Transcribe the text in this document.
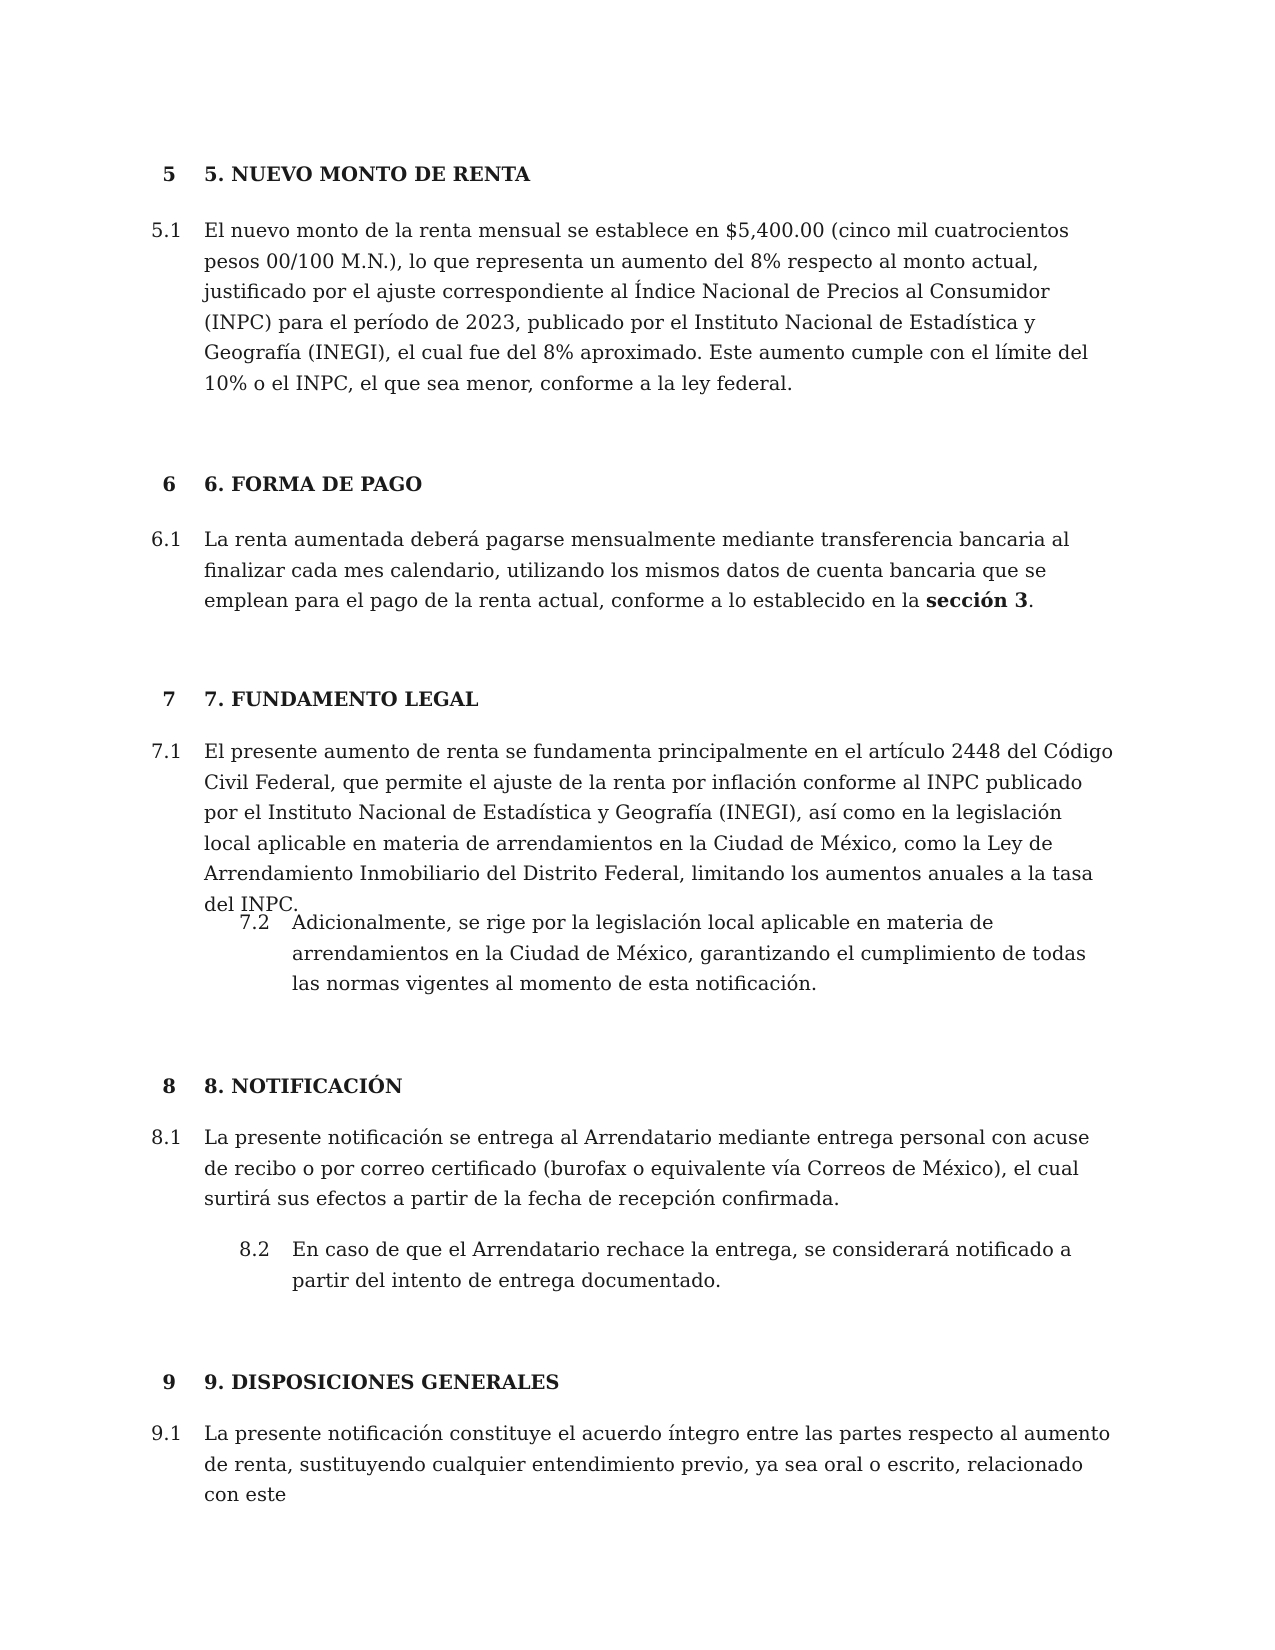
5 5. NUEVO MONTO DE RENTA
5.1 El nuevo monto de la renta mensual se establece en $5,400.00 (cinco mil cuatrocientos pesos 00/100 M.N.), lo que representa un aumento del 8% respecto al monto actual, justificado por el ajuste correspondiente al Índice Nacional de Precios al Consumidor (INPC) para el período de 2023, publicado por el Instituto Nacional de Estadística y Geografía (INEGI), el cual fue del 8% aproximado. Este aumento cumple con el límite del 10% o el INPC, el que sea menor, conforme a la ley federal.
6 6. FORMA DE PAGO
6.1 La renta aumentada deberá pagarse mensualmente mediante transferencia bancaria al finalizar cada mes calendario, utilizando los mismos datos de cuenta bancaria que se emplean para el pago de la renta actual, conforme a lo establecido en la sección 3.
7 7. FUNDAMENTO LEGAL
7.1 El presente aumento de renta se fundamenta principalmente en el artículo 2448 del Código Civil Federal, que permite el ajuste de la renta por inflación conforme al INPC publicado por el Instituto Nacional de Estadística y Geografía (INEGI), así como en la legislación local aplicable en materia de arrendamientos en la Ciudad de México, como la Ley de Arrendamiento Inmobiliario del Distrito Federal, limitando los aumentos anuales a la tasa del INPC.
7.2 Adicionalmente, se rige por la legislación local aplicable en materia de arrendamientos en la Ciudad de México, garantizando el cumplimiento de todas las normas vigentes al momento de esta notificación.
8 8. NOTIFICACIÓN
8.1 La presente notificación se entrega al Arrendatario mediante entrega personal con acuse de recibo o por correo certificado (burofax o equivalente vía Correos de México), el cual surtirá sus efectos a partir de la fecha de recepción confirmada.
8.2 En caso de que el Arrendatario rechace la entrega, se considerará notificado a partir del intento de entrega documentado.
9 9. DISPOSICIONES GENERALES
9.1 La presente notificación constituye el acuerdo íntegro entre las partes respecto al aumento de renta, sustituyendo cualquier entendimiento previo, ya sea oral o escrito, relacionado con este
